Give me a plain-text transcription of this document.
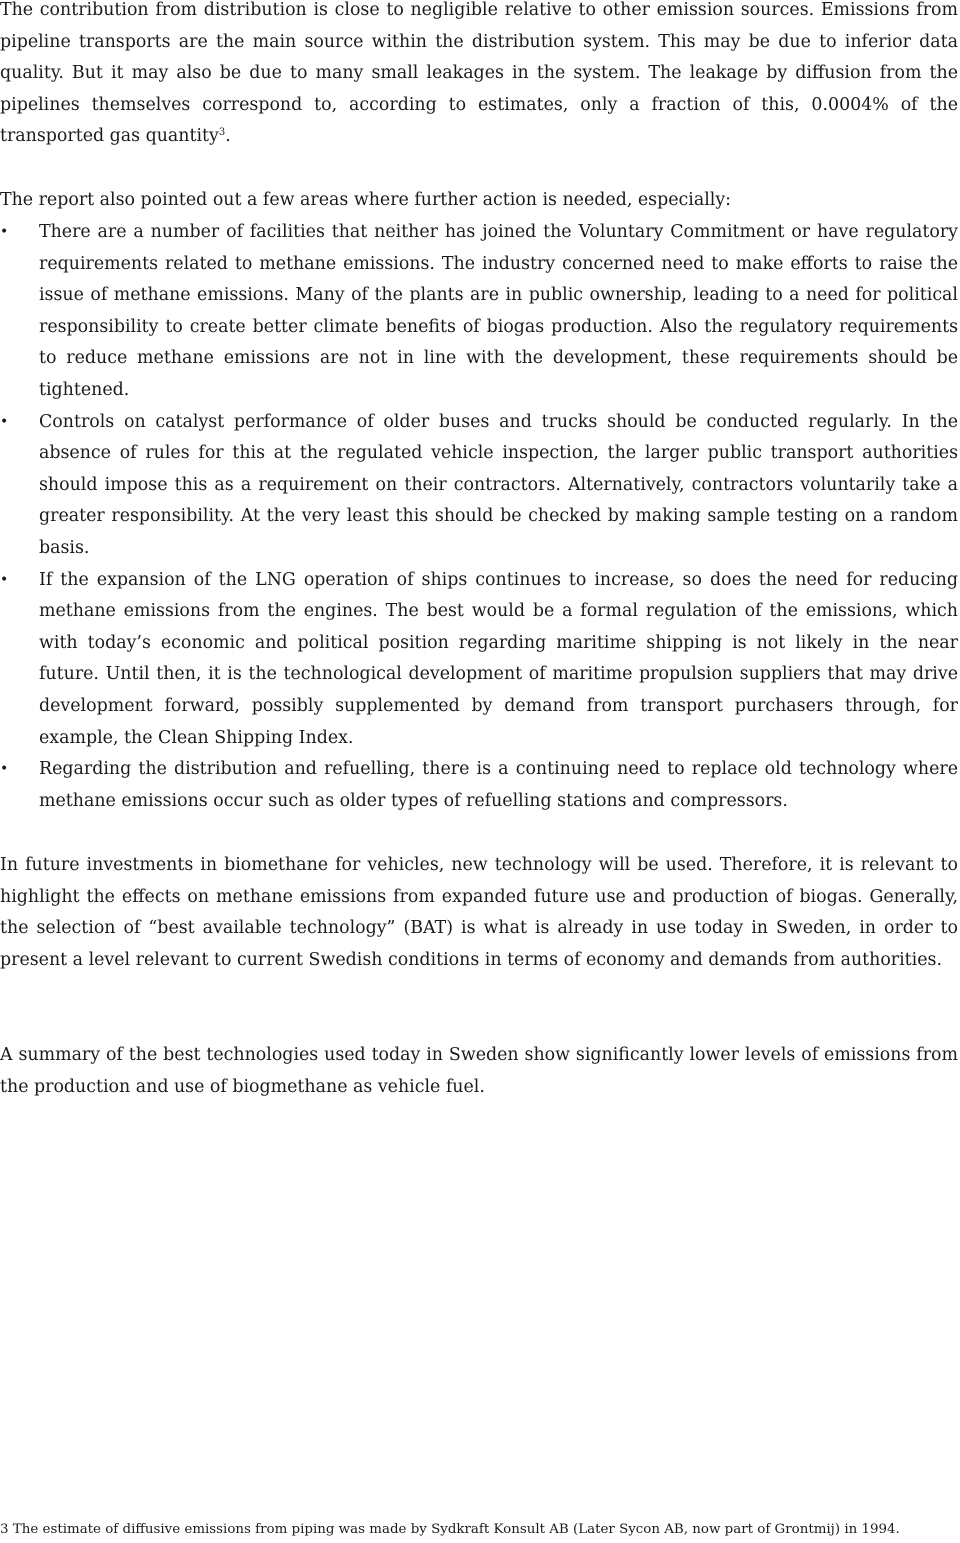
The contribution from distribution is close to negligible relative to other emission sources. Emissions from pipeline transports are the main source within the distribution system. This may be due to inferior data quality. But it may also be due to many small leakages in the system. The leakage by diffusion from the pipelines themselves correspond to, according to estimates, only a fraction of this, 0.0004% of the transported gas quantity$^3$.

The report also pointed out a few areas where further action is needed, especially:

• There are a number of facilities that neither has joined the Voluntary Commitment or have regulatory requirements related to methane emissions. The industry concerned need to make efforts to raise the issue of methane emissions. Many of the plants are in public ownership, leading to a need for political responsibility to create better climate benefits of biogas production. Also the regulatory requirements to reduce methane emissions are not in line with the development, these requirements should be tightened.
• Controls on catalyst performance of older buses and trucks should be conducted regularly. In the absence of rules for this at the regulated vehicle inspection, the larger public transport authorities should impose this as a requirement on their contractors. Alternatively, contractors voluntarily take a greater responsibility. At the very least this should be checked by making sample testing on a random basis.
• If the expansion of the LNG operation of ships continues to increase, so does the need for reducing methane emissions from the engines. The best would be a formal regulation of the emissions, which with today’s economic and political position regarding maritime shipping is not likely in the near future. Until then, it is the technological development of maritime propulsion suppliers that may drive development forward, possibly supplemented by demand from transport purchasers through, for example, the Clean Shipping Index.
• Regarding the distribution and refuelling, there is a continuing need to replace old technology where methane emissions occur such as older types of refuelling stations and compressors.

In future investments in biomethane for vehicles, new technology will be used. Therefore, it is relevant to highlight the effects on methane emissions from expanded future use and production of biogas. Generally, the selection of “best available technology” (BAT) is what is already in use today in Sweden, in order to present a level relevant to current Swedish conditions in terms of economy and demands from authorities.

A summary of the best technologies used today in Sweden show significantly lower levels of emissions from the production and use of biogmethane as vehicle fuel.

3 The estimate of diffusive emissions from piping was made by Sydkraft Konsult AB (Later Sycon AB, now part of Grontmij) in 1994.
